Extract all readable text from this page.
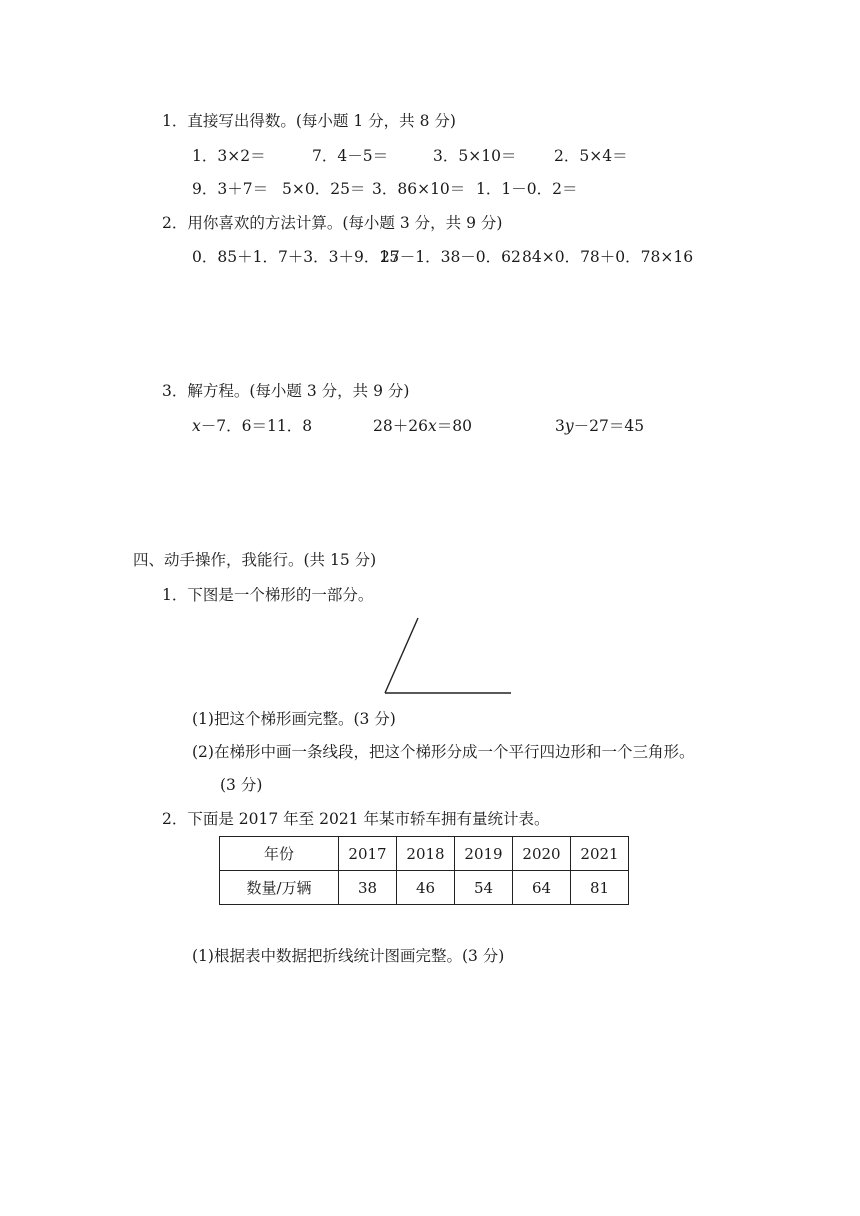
1．直接写出得数。(每小题 1 分，共 8 分)
1．3×2＝	7．4－5＝	3．5×10＝ 2．5×4＝
9．3＋7＝ 5×0．25＝ 3．86×10＝ 1．1－0．2＝
2．用你喜欢的方法计算。(每小题 3 分，共 9 分)
0．85＋1．7＋3．3＋9．15
27－1．38－0．62 84×0．78＋0．78×16
3．解方程。(每小题 3 分，共 9 分)
x－7．6＝11．8	28＋26x＝80	3y－27＝45
四、动手操作，我能行。(共 15 分)
1．下图是一个梯形的一部分。
(1)把这个梯形画完整。(3 分)
(2)在梯形中画一条线段，把这个梯形分成一个平行四边形和一个三角形。
(3 分)
2．下面是 2017 年至 2021 年某市轿车拥有量统计表。
年份	2017	2018	2019	2020	2021
数量/万辆	38	46	54	64	81
(1)根据表中数据把折线统计图画完整。(3 分)
